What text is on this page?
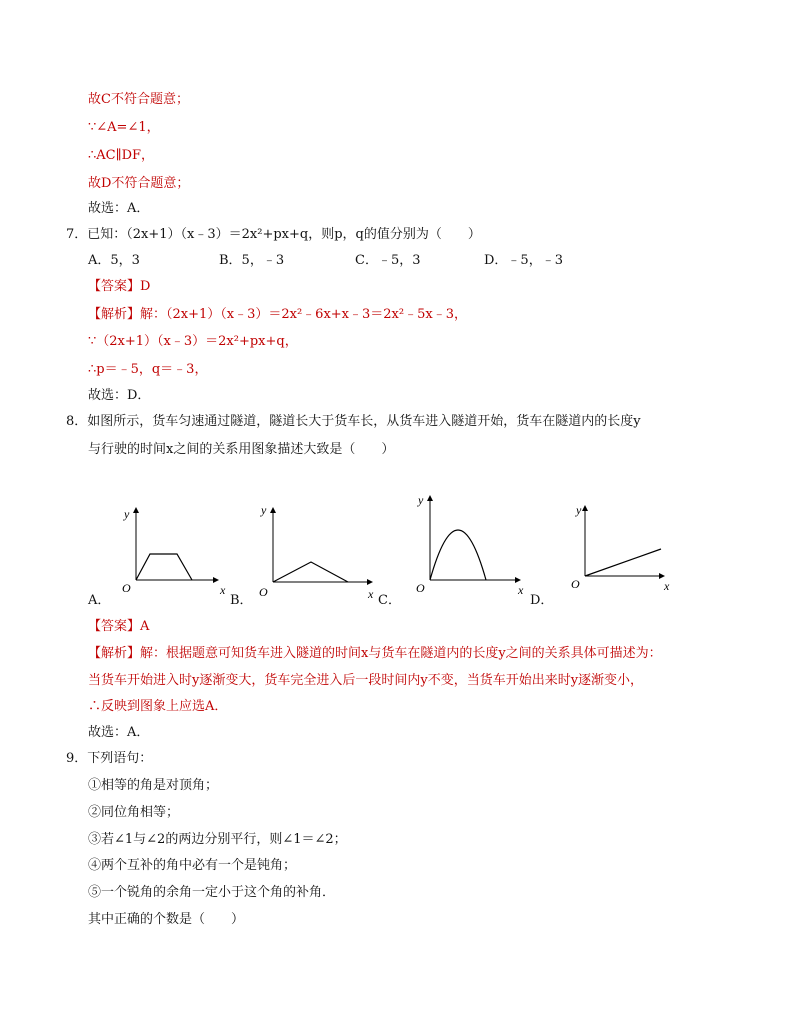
故C不符合题意；
∵∠A=∠1，
∴AC∥DF，
故D不符合题意；
故选：A．
7．已知：（2x+1）（x﹣3）＝2x²+px+q，则p，q的值分别为（　　）
A．5，3	B．5，﹣3	C．﹣5，3	D．﹣5，﹣3
【答案】D
【解析】解：（2x+1）（x﹣3）＝2x²﹣6x+x﹣3＝2x²﹣5x﹣3，
∵（2x+1）（x﹣3）＝2x²+px+q，
∴p＝﹣5，q＝﹣3，
故选：D．
8．如图所示，货车匀速通过隧道，隧道长大于货车长，从货车进入隧道开始，货车在隧道内的长度y
与行驶的时间x之间的关系用图象描述大致是（　　）
y
x
O
y
x
O
y
x
O
y
x
O
A．	B．	C．	D．
【答案】A
【解析】解：根据题意可知货车进入隧道的时间x与货车在隧道内的长度y之间的关系具体可描述为：
当货车开始进入时y逐渐变大，货车完全进入后一段时间内y不变，当货车开始出来时y逐渐变小，
∴反映到图象上应选A．
故选：A．
9．下列语句：
①相等的角是对顶角；
②同位角相等；
③若∠1与∠2的两边分别平行，则∠1＝∠2；
④两个互补的角中必有一个是钝角；
⑤一个锐角的余角一定小于这个角的补角．
其中正确的个数是（　　）
